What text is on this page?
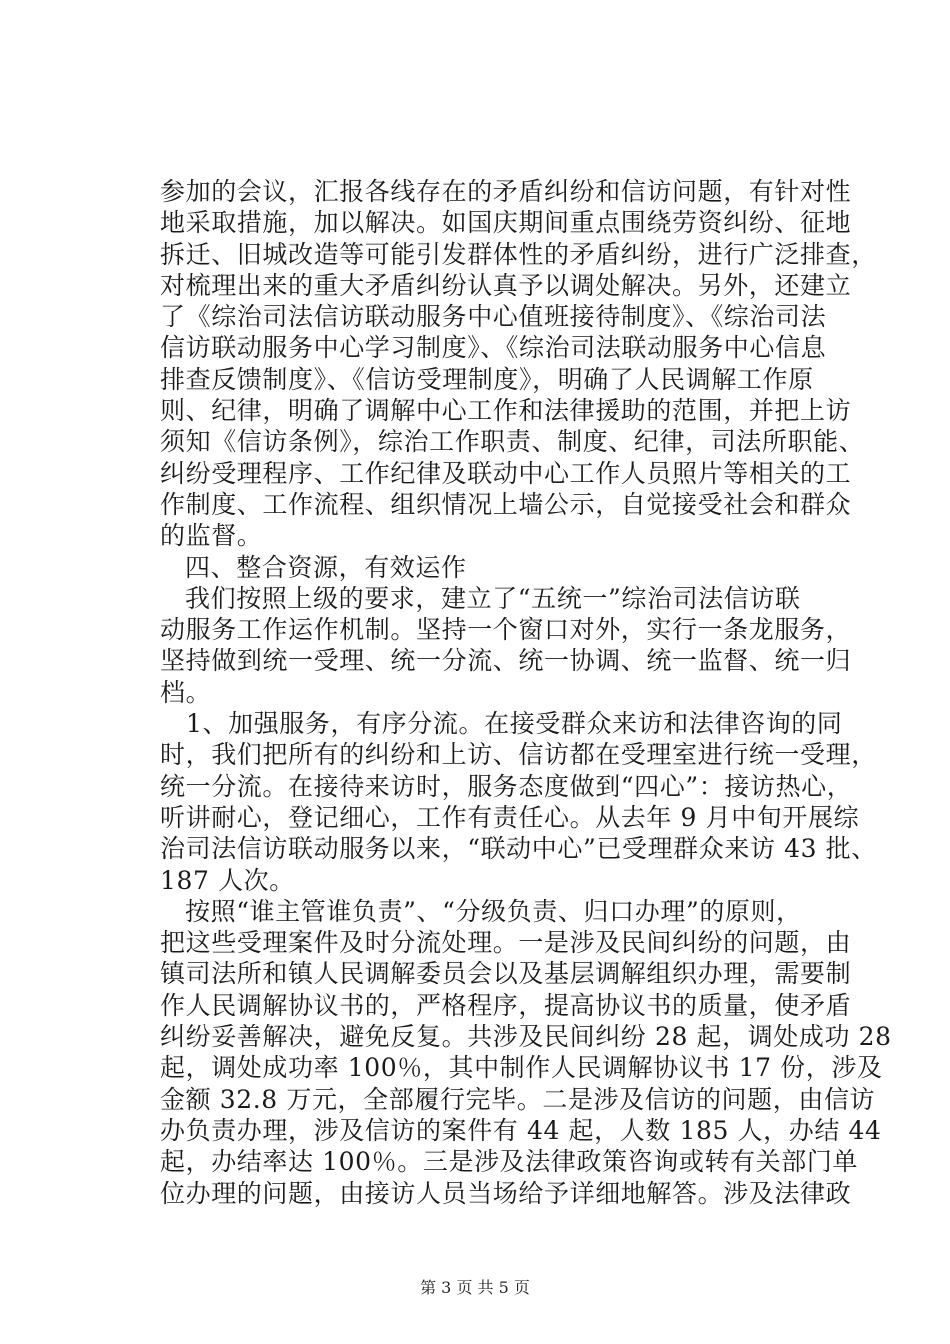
参加的会议，汇报各线存在的矛盾纠纷和信访问题，有针对性
地采取措施，加以解决。如国庆期间重点围绕劳资纠纷、征地
拆迁、旧城改造等可能引发群体性的矛盾纠纷，进行广泛排查，
对梳理出来的重大矛盾纠纷认真予以调处解决。另外，还建立
了《综治司法信访联动服务中心值班接待制度》、《综治司法
信访联动服务中心学习制度》、《综治司法联动服务中心信息
排查反馈制度》、《信访受理制度》，明确了人民调解工作原
则、纪律，明确了调解中心工作和法律援助的范围，并把上访
须知《信访条例》，综治工作职责、制度、纪律，司法所职能、
纠纷受理程序、工作纪律及联动中心工作人员照片等相关的工
作制度、工作流程、组织情况上墙公示，自觉接受社会和群众
的监督。
四、整合资源，有效运作
我们按照上级的要求，建立了“五统一”综治司法信访联
动服务工作运作机制。坚持一个窗口对外，实行一条龙服务，
坚持做到统一受理、统一分流、统一协调、统一监督、统一归
档。
1、加强服务，有序分流。在接受群众来访和法律咨询的同
时，我们把所有的纠纷和上访、信访都在受理室进行统一受理，
统一分流。在接待来访时，服务态度做到“四心”：接访热心，
听讲耐心，登记细心，工作有责任心。从去年 9 月中旬开展综
治司法信访联动服务以来，“联动中心”已受理群众来访 43 批、
187 人次。
按照“谁主管谁负责”、“分级负责、归口办理”的原则，
把这些受理案件及时分流处理。一是涉及民间纠纷的问题，由
镇司法所和镇人民调解委员会以及基层调解组织办理，需要制
作人民调解协议书的，严格程序，提高协议书的质量，使矛盾
纠纷妥善解决，避免反复。共涉及民间纠纷 28 起，调处成功 28
起，调处成功率 100％，其中制作人民调解协议书 17 份，涉及
金额 32.8 万元，全部履行完毕。二是涉及信访的问题，由信访
办负责办理，涉及信访的案件有 44 起，人数 185 人，办结 44
起，办结率达 100％。三是涉及法律政策咨询或转有关部门单
位办理的问题，由接访人员当场给予详细地解答。涉及法律政
第 3 页 共 5 页
